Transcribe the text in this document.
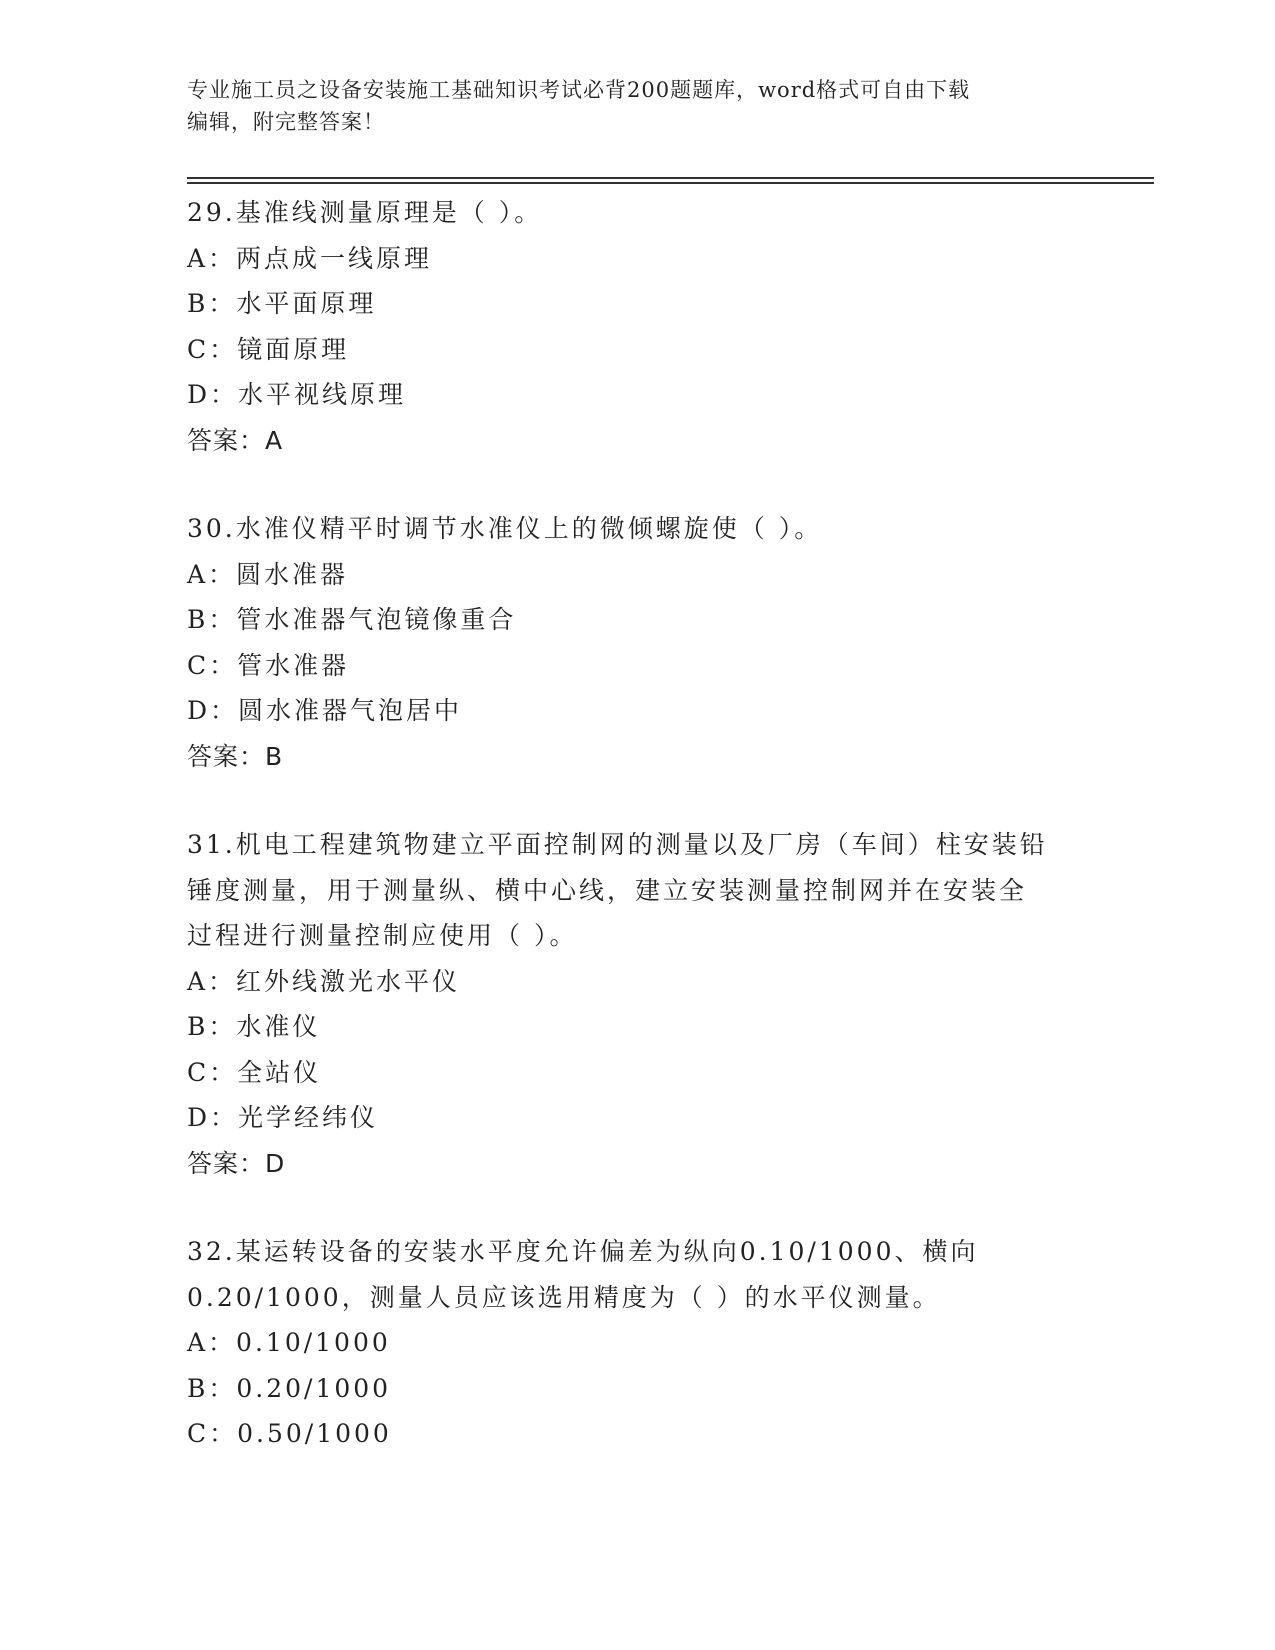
专业施工员之设备安装施工基础知识考试必背200题题库，word格式可自由下载
编辑，附完整答案！
29.基准线测量原理是（ ）。
A：两点成一线原理
B：水平面原理
C：镜面原理
D：水平视线原理
答案：A
30.水准仪精平时调节水准仪上的微倾螺旋使（ ）。
A：圆水准器
B：管水准器气泡镜像重合
C：管水准器
D：圆水准器气泡居中
答案：B
31.机电工程建筑物建立平面控制网的测量以及厂房（车间）柱安装铅
锤度测量，用于测量纵、横中心线，建立安装测量控制网并在安装全
过程进行测量控制应使用（ ）。
A：红外线激光水平仪
B：水准仪
C：全站仪
D：光学经纬仪
答案：D
32.某运转设备的安装水平度允许偏差为纵向0.10/1000、横向
0.20/1000，测量人员应该选用精度为（ ）的水平仪测量。
A：0.10/1000
B：0.20/1000
C：0.50/1000
